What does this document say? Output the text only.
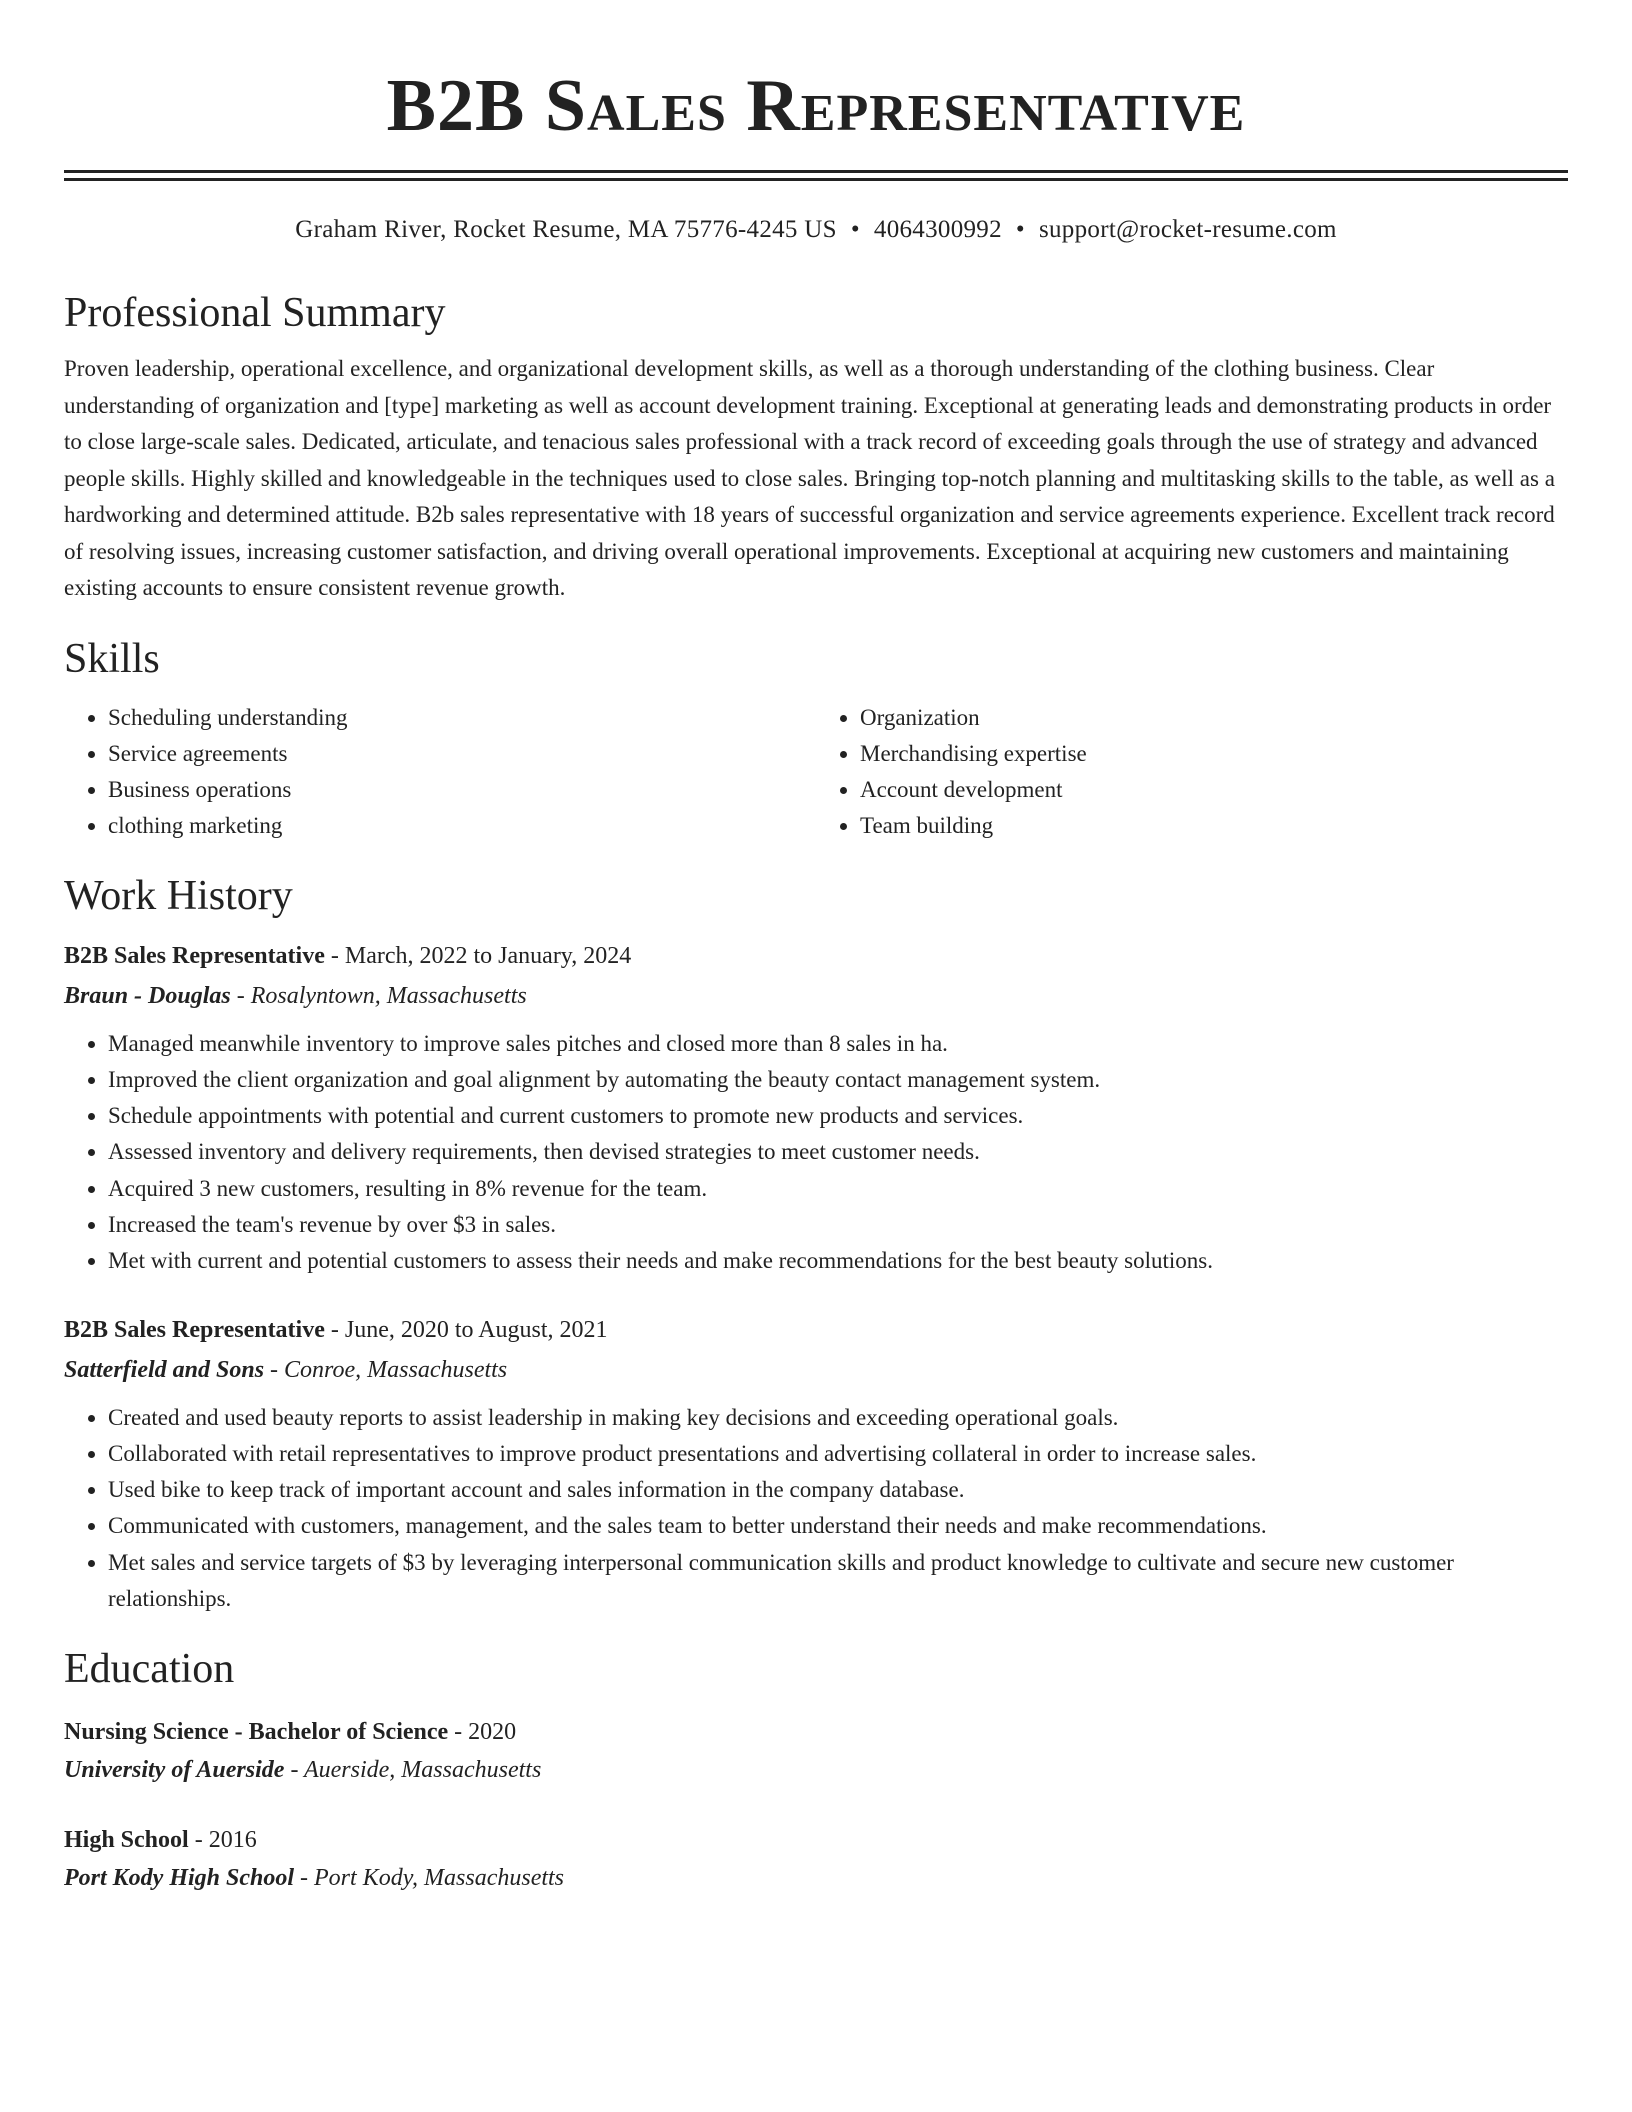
B2B Sales Representative
Graham River, Rocket Resume, MA 75776-4245 US • 4064300992 • support@rocket-resume.com
Professional Summary
Proven leadership, operational excellence, and organizational development skills, as well as a thorough understanding of the clothing business. Clear understanding of organization and [type] marketing as well as account development training. Exceptional at generating leads and demonstrating products in order to close large-scale sales. Dedicated, articulate, and tenacious sales professional with a track record of exceeding goals through the use of strategy and advanced people skills. Highly skilled and knowledgeable in the techniques used to close sales. Bringing top-notch planning and multitasking skills to the table, as well as a hardworking and determined attitude. B2b sales representative with 18 years of successful organization and service agreements experience. Excellent track record of resolving issues, increasing customer satisfaction, and driving overall operational improvements. Exceptional at acquiring new customers and maintaining existing accounts to ensure consistent revenue growth.
Skills
• Scheduling understanding
• Service agreements
• Business operations
• clothing marketing
• Organization
• Merchandising expertise
• Account development
• Team building
Work History
B2B Sales Representative - March, 2022 to January, 2024
Braun - Douglas - Rosalyntown, Massachusetts
• Managed meanwhile inventory to improve sales pitches and closed more than 8 sales in ha.
• Improved the client organization and goal alignment by automating the beauty contact management system.
• Schedule appointments with potential and current customers to promote new products and services.
• Assessed inventory and delivery requirements, then devised strategies to meet customer needs.
• Acquired 3 new customers, resulting in 8% revenue for the team.
• Increased the team's revenue by over $3 in sales.
• Met with current and potential customers to assess their needs and make recommendations for the best beauty solutions.
B2B Sales Representative - June, 2020 to August, 2021
Satterfield and Sons - Conroe, Massachusetts
• Created and used beauty reports to assist leadership in making key decisions and exceeding operational goals.
• Collaborated with retail representatives to improve product presentations and advertising collateral in order to increase sales.
• Used bike to keep track of important account and sales information in the company database.
• Communicated with customers, management, and the sales team to better understand their needs and make recommendations.
• Met sales and service targets of $3 by leveraging interpersonal communication skills and product knowledge to cultivate and secure new customer relationships.
Education
Nursing Science - Bachelor of Science - 2020
University of Auerside - Auerside, Massachusetts
High School - 2016
Port Kody High School - Port Kody, Massachusetts
